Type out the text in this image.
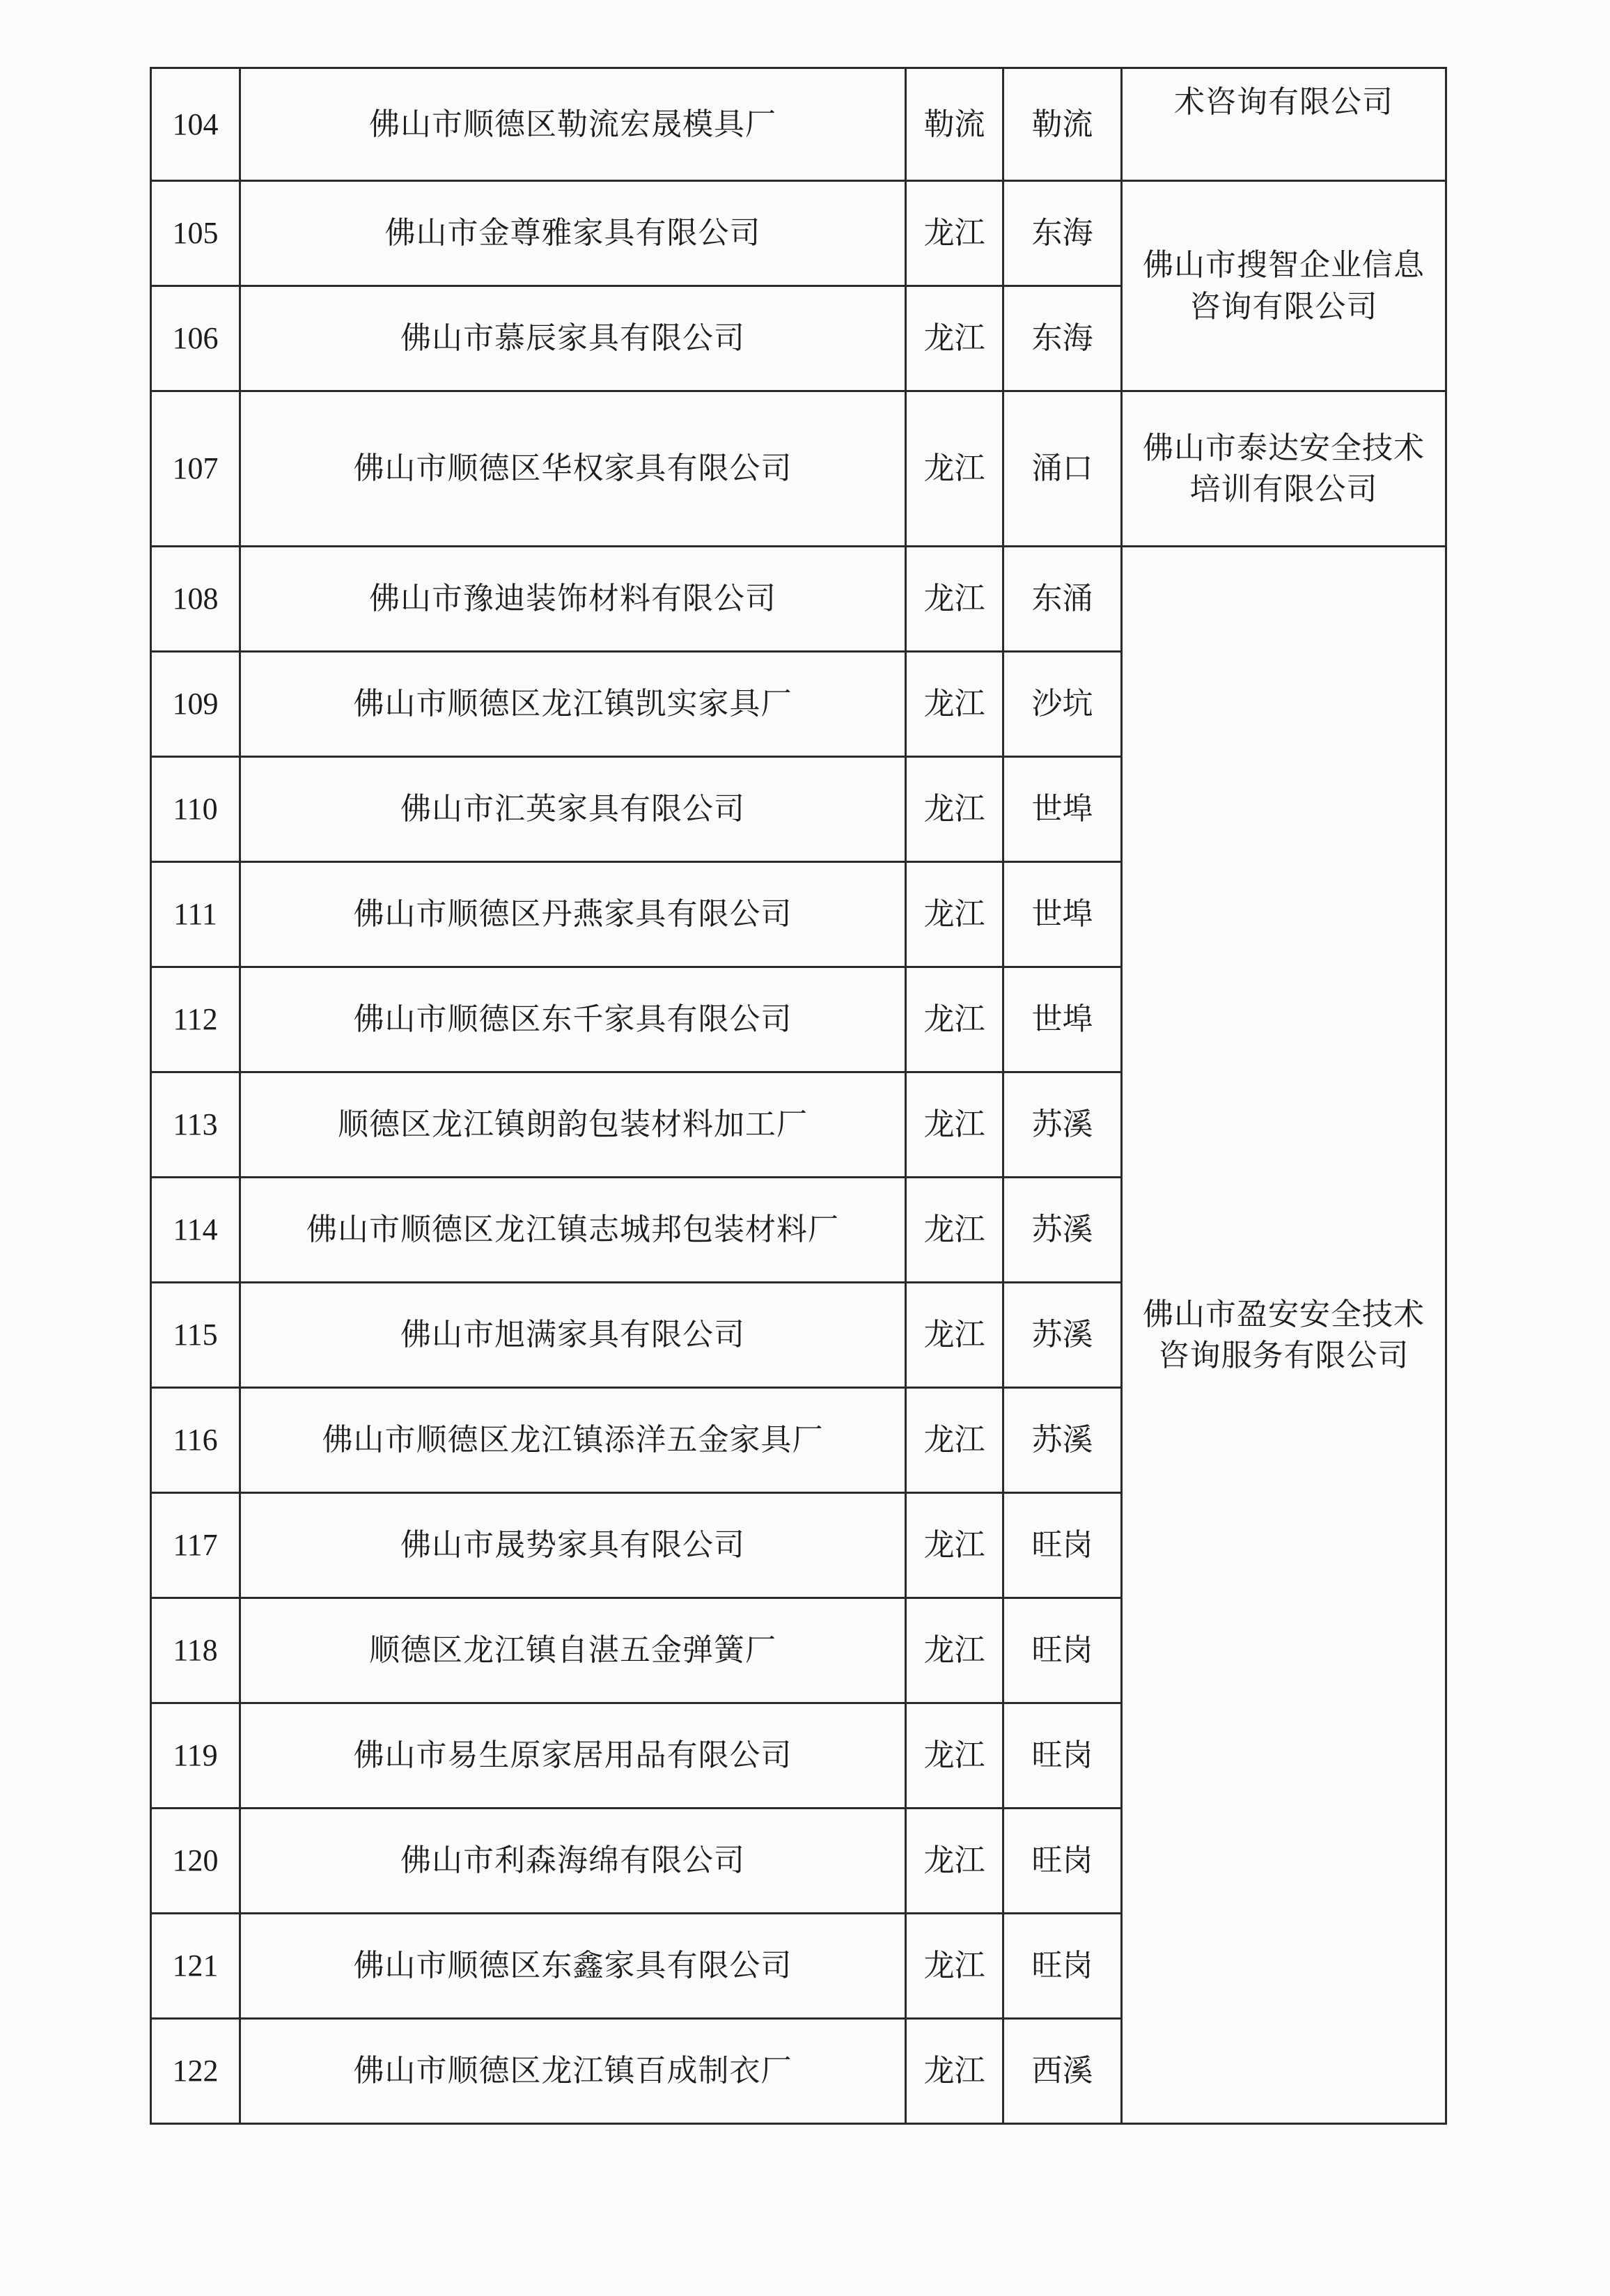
104	佛山市顺德区勒流宏晟模具厂	勒流	勒流	术咨询有限公司
105	佛山市金尊雅家具有限公司	龙江	东海	佛山市搜智企业信息
咨询有限公司

106	佛山市慕辰家具有限公司	龙江	东海	
107	佛山市顺德区华权家具有限公司	龙江	涌口	佛山市泰达安全技术
培训有限公司

108	佛山市豫迪装饰材料有限公司	龙江	东涌	佛山市盈安安全技术
咨询服务有限公司

109	佛山市顺德区龙江镇凯实家具厂	龙江	沙坑	
110	佛山市汇英家具有限公司	龙江	世埠	
111	佛山市顺德区丹燕家具有限公司	龙江	世埠	
112	佛山市顺德区东千家具有限公司	龙江	世埠	
113	顺德区龙江镇朗韵包装材料加工厂	龙江	苏溪	
114	佛山市顺德区龙江镇志城邦包装材料厂	龙江	苏溪	
115	佛山市旭满家具有限公司	龙江	苏溪	
116	佛山市顺德区龙江镇添洋五金家具厂	龙江	苏溪	
117	佛山市晟势家具有限公司	龙江	旺岗	
118	顺德区龙江镇自湛五金弹簧厂	龙江	旺岗	
119	佛山市易生原家居用品有限公司	龙江	旺岗	
120	佛山市利森海绵有限公司	龙江	旺岗	
121	佛山市顺德区东鑫家具有限公司	龙江	旺岗	
122	佛山市顺德区龙江镇百成制衣厂	龙江	西溪	
